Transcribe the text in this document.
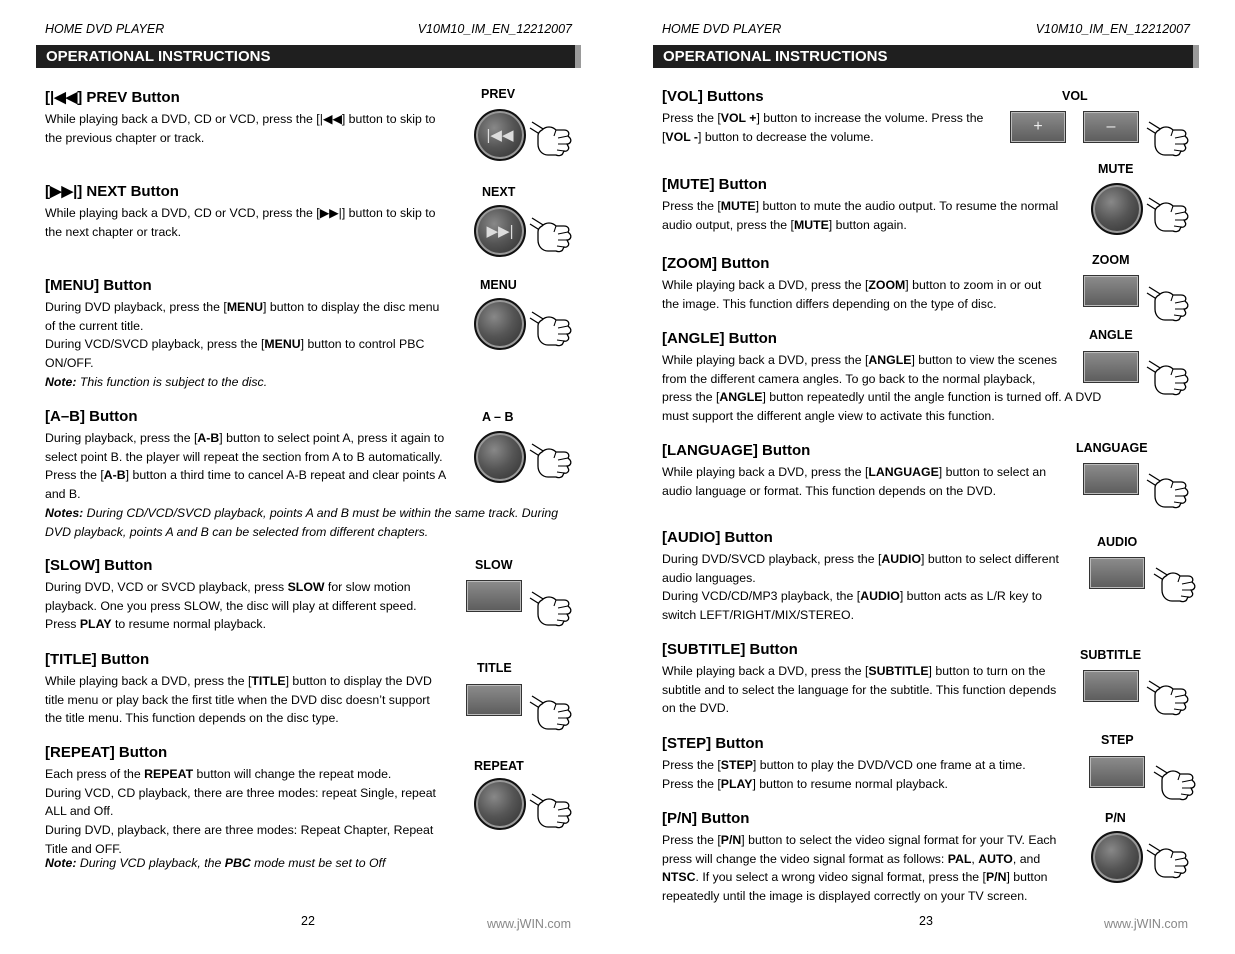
HOME DVD PLAYER	V10M10_IM_EN_12212007
OPERATIONAL INSTRUCTIONS

[|◀◀] PREV Button

While playing back a DVD, CD or VCD, press the [|◀◀] button to skip to
the previous chapter or track.

PREV
|◀◀

[▶▶|] NEXT Button

While playing back a DVD, CD or VCD, press the [▶▶|] button to skip to
the next chapter or track.

NEXT
▶▶|

[MENU] Button

During DVD playback, press the [MENU] button to display the disc menu
of the current title.
During VCD/SVCD playback, press the [MENU] button to control PBC
ON/OFF.

Note: This function is subject to the disc.

MENU

[A–B] Button

During playback, press the [A-B] button to select point A, press it again to
select point B. the player will repeat the section from A to B automatically.
Press the [A-B] button a third time to cancel A-B repeat and clear points A
and B.

Notes: During CD/VCD/SVCD playback, points A and B must be within the same track. During
DVD playback, points A and B can be selected from different chapters.

A – B

[SLOW] Button

During DVD, VCD or SVCD playback, press SLOW for slow motion
playback. One you press SLOW, the disc will play at different speed.
Press PLAY to resume normal playback.

SLOW

[TITLE] Button

While playing back a DVD, press the [TITLE] button to display the DVD
title menu or play back the first title when the DVD disc doesn’t support
the title menu. This function depends on the disc type.

TITLE

[REPEAT] Button

Each press of the REPEAT button will change the repeat mode.
During VCD, CD playback, there are three modes: repeat Single, repeat
ALL and Off.
During DVD, playback, there are three modes: Repeat Chapter, Repeat
Title and OFF.

Note: During VCD playback, the PBC mode must be set to Off

REPEAT
22	www.jWIN.com
HOME DVD PLAYER	V10M10_IM_EN_12212007
OPERATIONAL INSTRUCTIONS

[VOL] Buttons

Press the [VOL +] button to increase the volume. Press the
[VOL -] button to decrease the volume.

VOL
+	–

[MUTE] Button

Press the [MUTE] button to mute the audio output. To resume the normal
audio output, press the [MUTE] button again.

MUTE

[ZOOM] Button

While playing back a DVD, press the [ZOOM] button to zoom in or out
the image. This function differs depending on the type of disc.

ZOOM

[ANGLE] Button

While playing back a DVD, press the [ANGLE] button to view the scenes
from the different camera angles. To go back to the normal playback,
press the [ANGLE] button repeatedly until the angle function is turned off. A DVD
must support the different angle view to activate this function.

ANGLE

[LANGUAGE] Button

While playing back a DVD, press the [LANGUAGE] button to select an
audio language or format. This function depends on the DVD.

LANGUAGE

[AUDIO] Button

During DVD/SVCD playback, press the [AUDIO] button to select different
audio languages.
During VCD/CD/MP3 playback, the [AUDIO] button acts as L/R key to
switch LEFT/RIGHT/MIX/STEREO.

AUDIO

[SUBTITLE] Button

While playing back a DVD, press the [SUBTITLE] button to turn on the
subtitle and to select the language for the subtitle. This function depends
on the DVD.

SUBTITLE

[STEP] Button

Press the [STEP] button to play the DVD/VCD one frame at a time.
Press the [PLAY] button to resume normal playback.

STEP

[P/N] Button

Press the [P/N] button to select the video signal format for your TV. Each
press will change the video signal format as follows: PAL, AUTO, and
NTSC. If you select a wrong video signal format, press the [P/N] button
repeatedly until the image is displayed correctly on your TV screen.

P/N
23	www.jWIN.com
